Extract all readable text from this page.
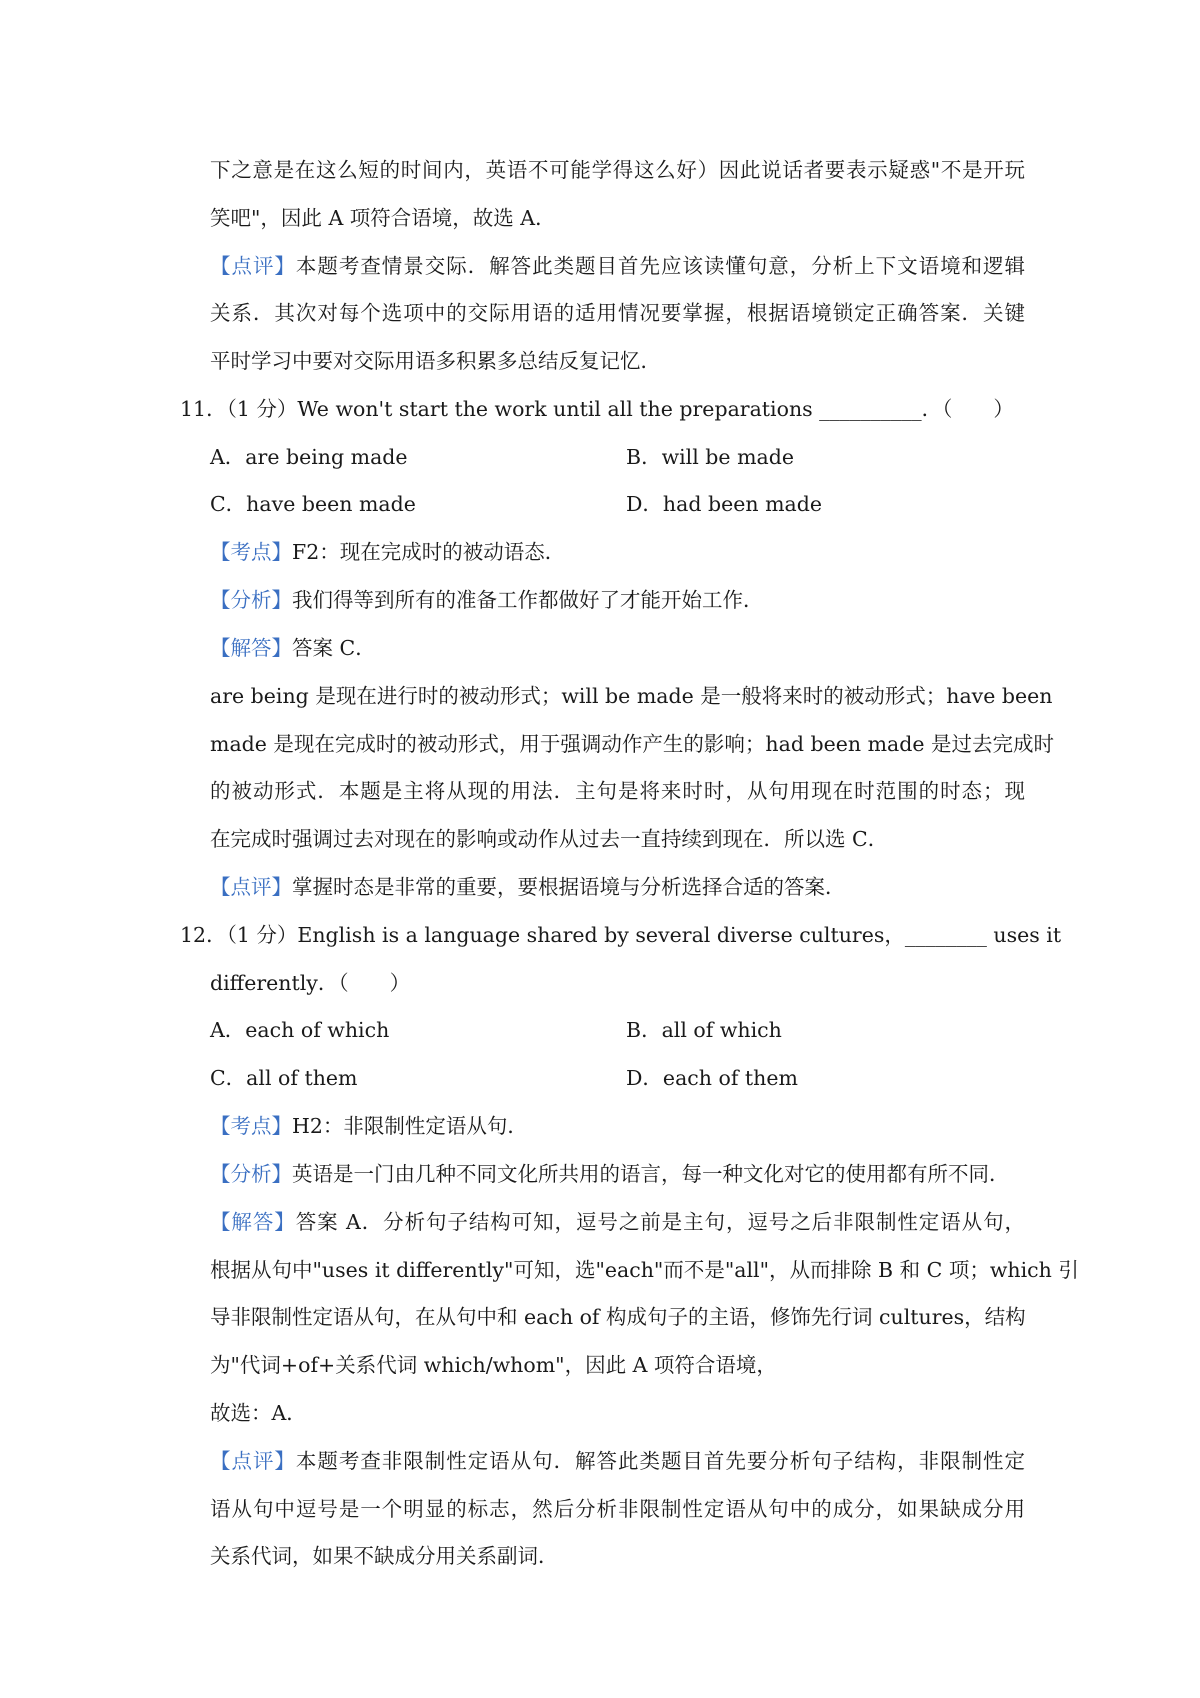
下之意是在这么短的时间内，英语不可能学得这么好）因此说话者要表示疑惑"不是开玩
笑吧"，因此 A 项符合语境，故选 A．
【点评】本题考查情景交际．解答此类题目首先应该读懂句意，分析上下文语境和逻辑
关系．其次对每个选项中的交际用语的适用情况要掌握，根据语境锁定正确答案．关键
平时学习中要对交际用语多积累多总结反复记忆．
11．（1 分）We won't start the work until all the preparations __________．（　　）
A．are being made	B．will be made
C．have been made	D．had been made
【考点】F2：现在完成时的被动语态．
【分析】我们得等到所有的准备工作都做好了才能开始工作．
【解答】答案 C．
are being 是现在进行时的被动形式；will be made 是一般将来时的被动形式；have been
made 是现在完成时的被动形式，用于强调动作产生的影响；had been made 是过去完成时
的被动形式．本题是主将从现的用法．主句是将来时时，从句用现在时范围的时态；现
在完成时强调过去对现在的影响或动作从过去一直持续到现在．所以选 C．
【点评】掌握时态是非常的重要，要根据语境与分析选择合适的答案．
12．（1 分）English is a language shared by several diverse cultures，________ uses it
differently．（　　）
A．each of which	B．all of which
C．all of them	D．each of them
【考点】H2：非限制性定语从句．
【分析】英语是一门由几种不同文化所共用的语言，每一种文化对它的使用都有所不同．
【解答】答案 A．分析句子结构可知，逗号之前是主句，逗号之后非限制性定语从句，
根据从句中"uses it differently"可知，选"each"而不是"all"，从而排除 B 和 C 项；which 引
导非限制性定语从句，在从句中和 each of 构成句子的主语，修饰先行词 cultures，结构
为"代词+of+关系代词 which/whom"，因此 A 项符合语境，
故选：A．
【点评】本题考查非限制性定语从句．解答此类题目首先要分析句子结构，非限制性定
语从句中逗号是一个明显的标志，然后分析非限制性定语从句中的成分，如果缺成分用
关系代词，如果不缺成分用关系副词．
